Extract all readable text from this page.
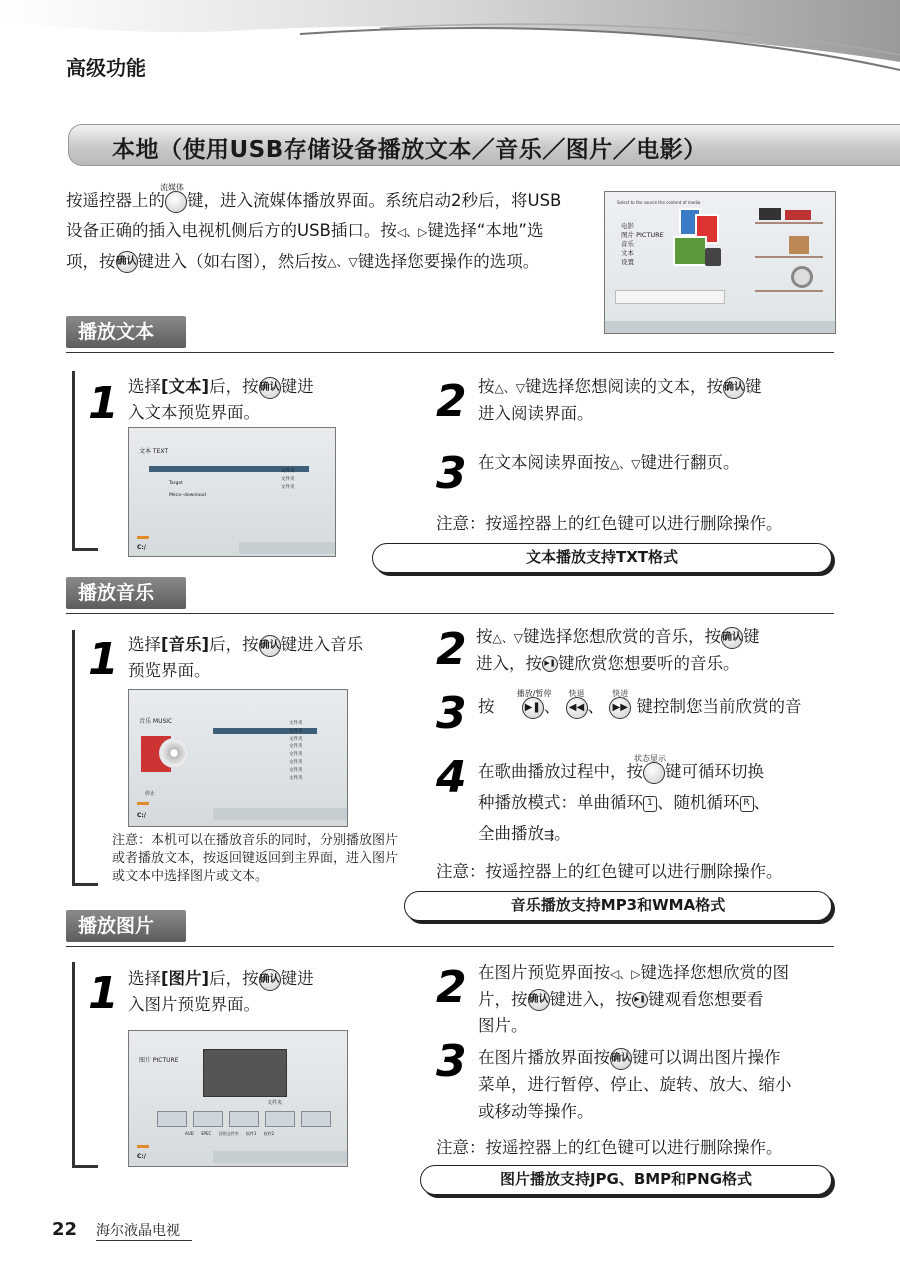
高级功能
本地（使用USB存储设备播放文本／音乐／图片／电影）
按遥控器上的
流媒体
键，进入流媒体播放界面。系统启动2秒后，将USB设备正确的插入电视机侧后方的USB插口。按◁、▷键选择“本地”选项，按确认键进入（如右图），然后按△、▽键选择您要操作的选项。
Select to the source the content of media
电影
图片 PICTURE
音乐
文本
设置
播放文本
1 选择[文本]后，按确认键进
入文本预览界面。
文本 TEXT
Target
Meca--download
文件夹
文件夹
文件夹
C:/
2 按△、▽键选择您想阅读的文本，按确认键
进入阅读界面。
3 在文本阅读界面按△、▽键进行翻页。
注意：按遥控器上的红色键可以进行删除操作。
文本播放支持TXT格式
播放音乐
1 选择[音乐]后，按确认键进入音乐
预览界面。
音乐 MUSIC	文件夹
文件夹
文件夹
文件夹
文件夹
文件夹
文件夹
文件夹
停止
C:/
注意：本机可以在播放音乐的同时，分别播放图片或者播放文本，按返回键返回到主界面，进入图片或文本中选择图片或文本。
2 按△、▽键选择您想欣赏的音乐，按确认键
进入，按 ▶❚ 键欣赏您想要听的音乐。
3 按
播放/暂停
▶❚ 、
快退
◀◀ 、
快进
▶▶ 键控制您当前欣赏的音
4 在歌曲播放过程中，按
状态显示
键可循环切换
种播放模式：单曲循环 1 、随机循环 R 、
全曲播放⇶。
注意：按遥控器上的红色键可以进行删除操作。
音乐播放支持MP3和WMA格式
播放图片
1 选择[图片]后，按确认键进
入图片预览界面。
图片 PICTURE
文件夹
AUD SPEC 回的文件夹 软件1 软件2
C:/
2 在图片预览界面按◁、▷键选择您想欣赏的图
片，按确认键进入，按 ▶❚ 键观看您想要看
图片。
3 在图片播放界面按确认键可以调出图片操作
菜单，进行暂停、停止、旋转、放大、缩小
或移动等操作。
注意：按遥控器上的红色键可以进行删除操作。
图片播放支持JPG、BMP和PNG格式
22 海尔液晶电视
